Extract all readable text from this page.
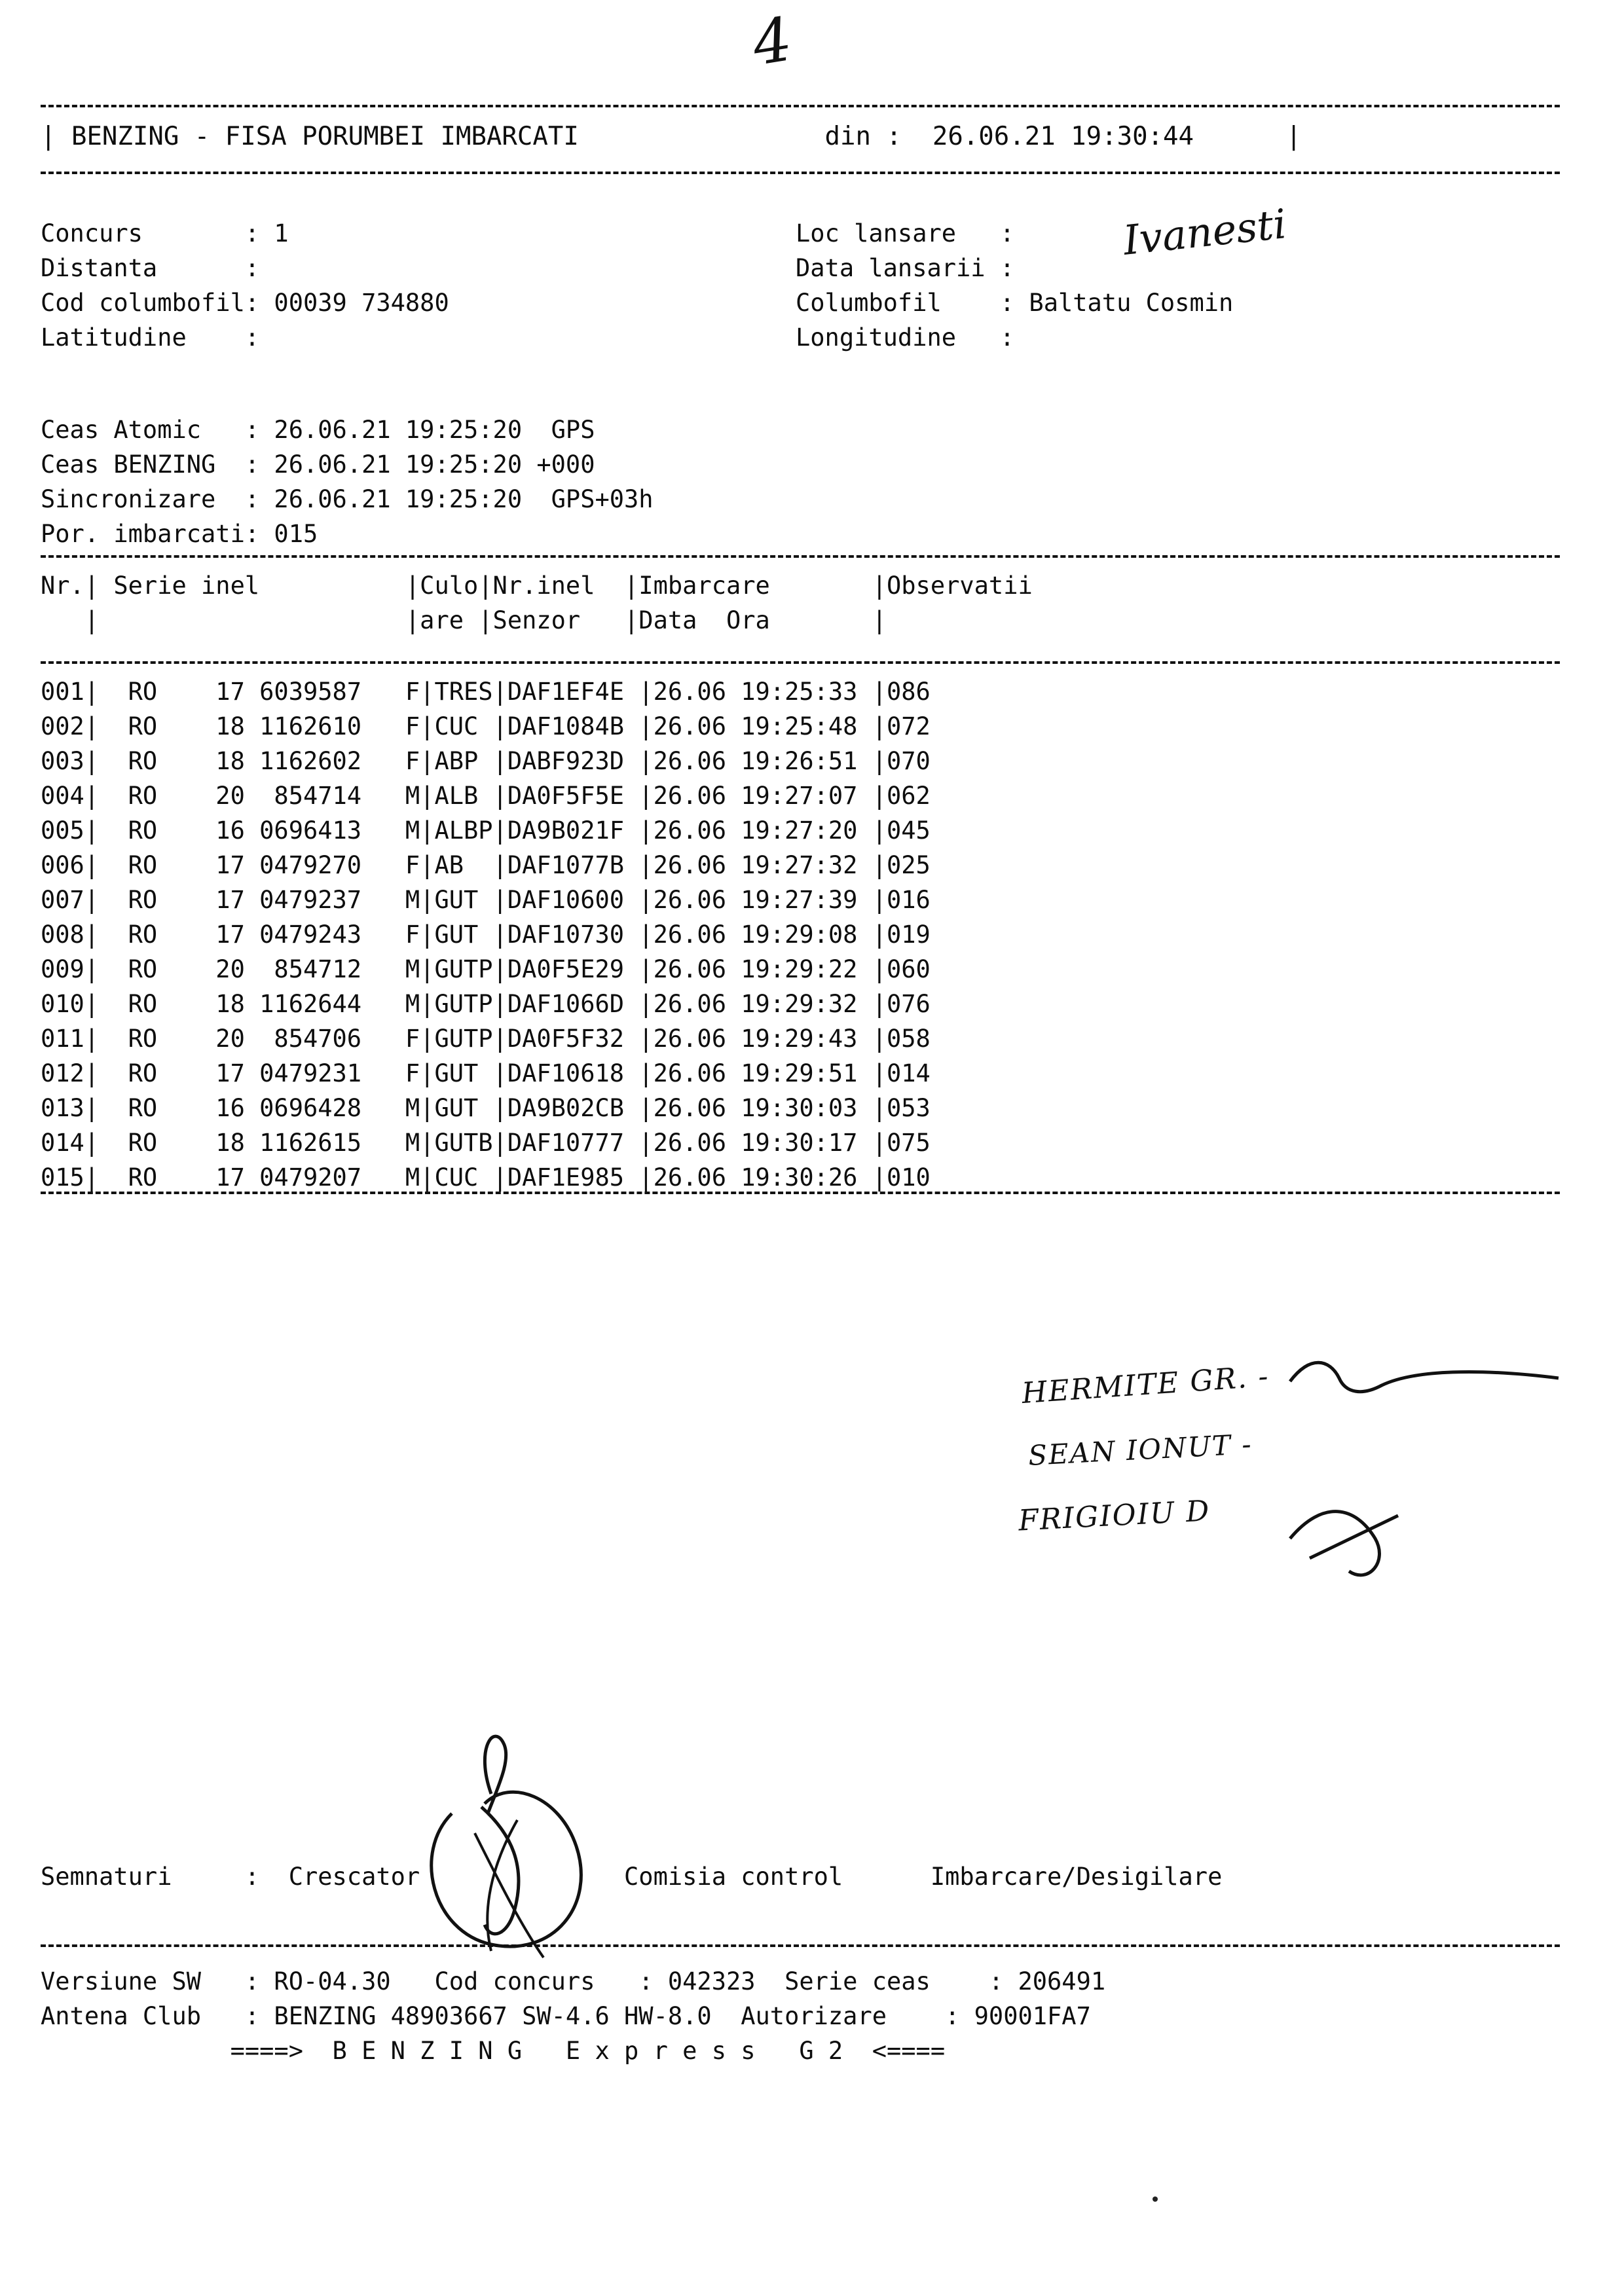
4
| BENZING - FISA PORUMBEI IMBARCATI                din :  26.06.21 19:30:44      |
Concurs       : 1
Distanta      :
Cod columbofil: 00039 734880
Latitudine    :
Loc lansare   :
Data lansarii :
Columbofil    : Baltatu Cosmin
Longitudine   :
Ivanesti
Ceas Atomic   : 26.06.21 19:25:20  GPS
Ceas BENZING  : 26.06.21 19:25:20 +000
Sincronizare  : 26.06.21 19:25:20  GPS+03h
Por. imbarcati: 015
Nr.| Serie inel          |Culo|Nr.inel  |Imbarcare       |Observatii
|                     |are |Senzor   |Data  Ora       |
001|  RO    17 6039587   F|TRES|DAF1EF4E |26.06 19:25:33 |086
002|  RO    18 1162610   F|CUC |DAF1084B |26.06 19:25:48 |072
003|  RO    18 1162602   F|ABP |DABF923D |26.06 19:26:51 |070
004|  RO    20  854714   M|ALB |DA0F5F5E |26.06 19:27:07 |062
005|  RO    16 0696413   M|ALBP|DA9B021F |26.06 19:27:20 |045
006|  RO    17 0479270   F|AB  |DAF1077B |26.06 19:27:32 |025
007|  RO    17 0479237   M|GUT |DAF10600 |26.06 19:27:39 |016
008|  RO    17 0479243   F|GUT |DAF10730 |26.06 19:29:08 |019
009|  RO    20  854712   M|GUTP|DA0F5E29 |26.06 19:29:22 |060
010|  RO    18 1162644   M|GUTP|DAF1066D |26.06 19:29:32 |076
011|  RO    20  854706   F|GUTP|DA0F5F32 |26.06 19:29:43 |058
012|  RO    17 0479231   F|GUT |DAF10618 |26.06 19:29:51 |014
013|  RO    16 0696428   M|GUT |DA9B02CB |26.06 19:30:03 |053
014|  RO    18 1162615   M|GUTB|DAF10777 |26.06 19:30:17 |075
015|  RO    17 0479207   M|CUC |DAF1E985 |26.06 19:30:26 |010
HERMITE GR. -
SEAN IONUT -
FRIGIOIU D
Semnaturi     :  Crescator              Comisia control      Imbarcare/Desigilare
Versiune SW   : RO-04.30   Cod concurs   : 042323  Serie ceas    : 206491
Antena Club   : BENZING 48903667 SW-4.6 HW-8.0  Autorizare    : 90001FA7
====>  B E N Z I N G   E x p r e s s   G 2  <====
